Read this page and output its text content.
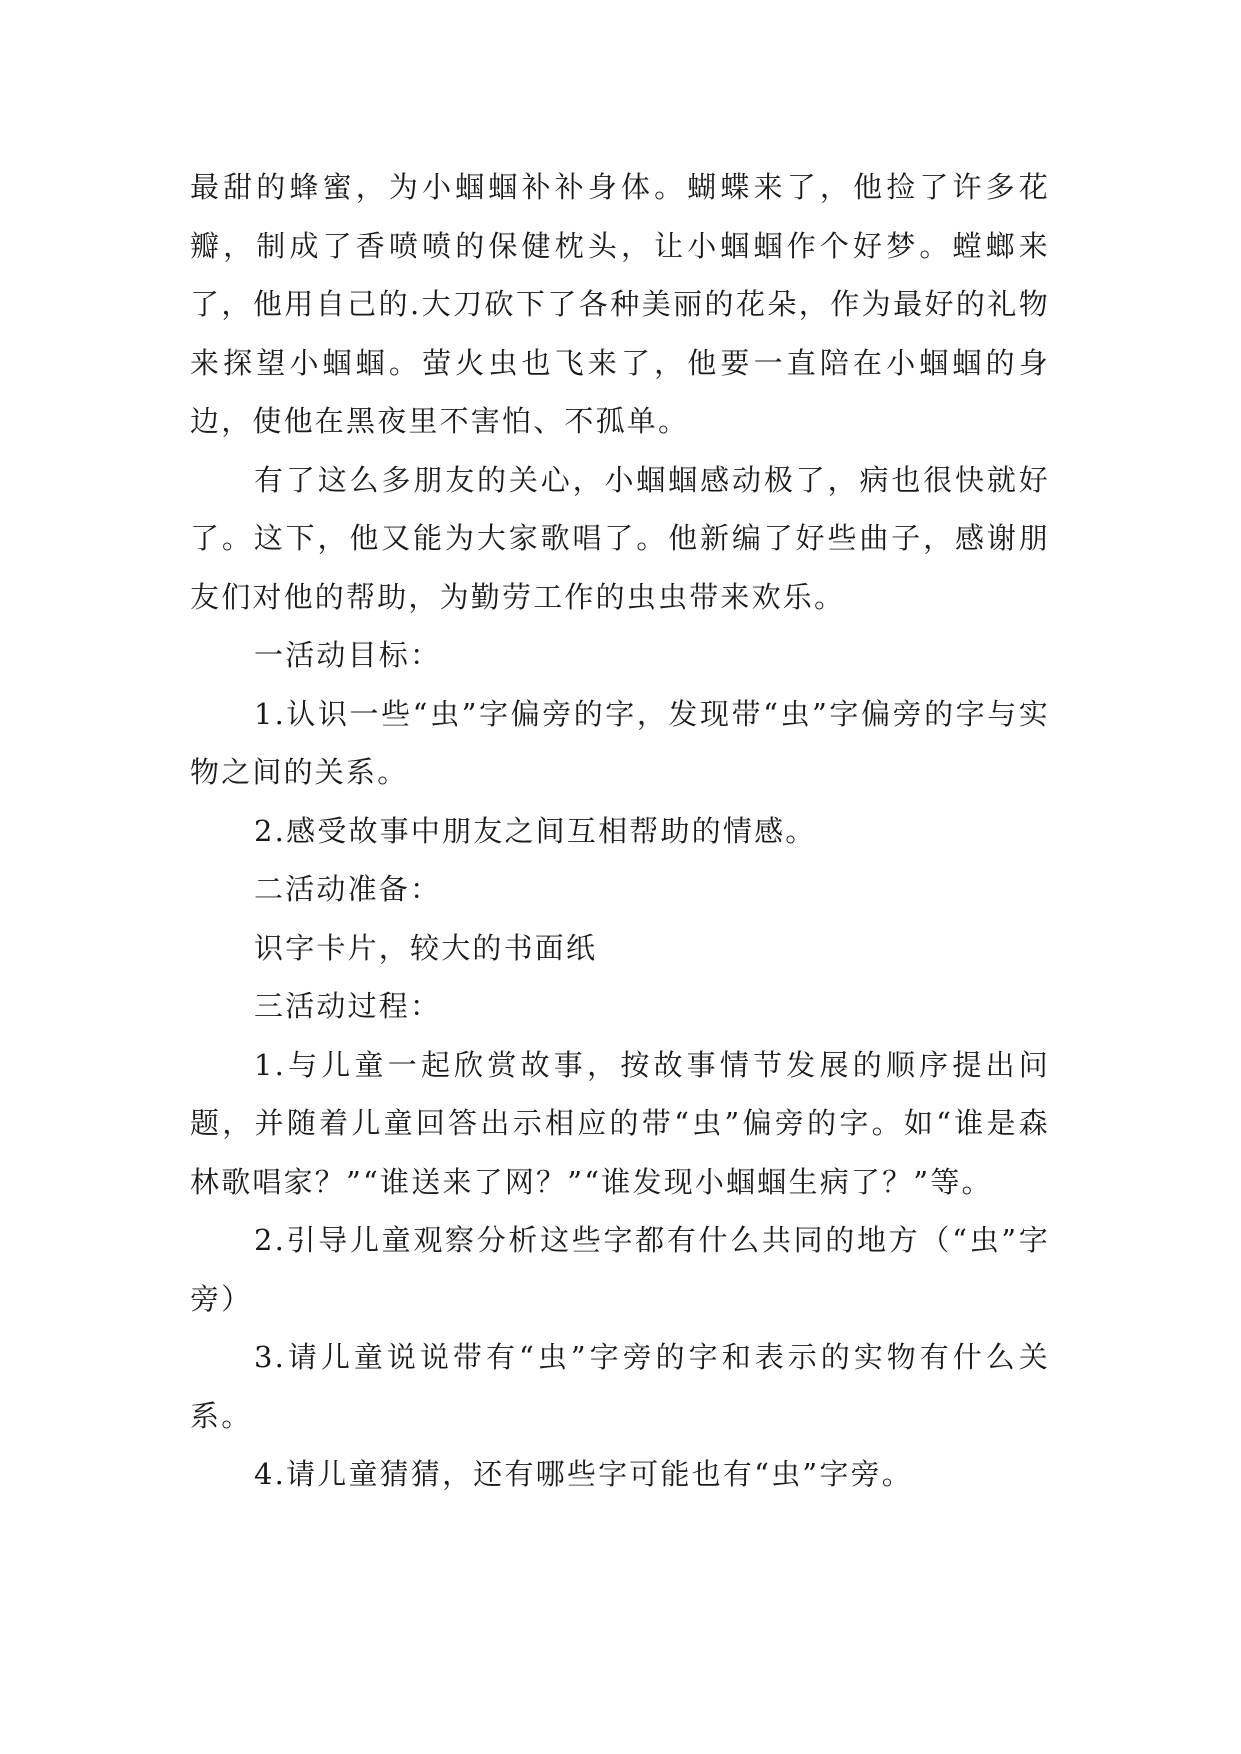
最甜的蜂蜜，为小蝈蝈补补身体。蝴蝶来了，他捡了许多花瓣，制成了香喷喷的保健枕头，让小蝈蝈作个好梦。螳螂来了，他用自己的.大刀砍下了各种美丽的花朵，作为最好的礼物来探望小蝈蝈。萤火虫也飞来了，他要一直陪在小蝈蝈的身边，使他在黑夜里不害怕、不孤单。

有了这么多朋友的关心，小蝈蝈感动极了，病也很快就好了。这下，他又能为大家歌唱了。他新编了好些曲子，感谢朋友们对他的帮助，为勤劳工作的虫虫带来欢乐。

一活动目标：

1.认识一些“虫”字偏旁的字，发现带“虫”字偏旁的字与实物之间的关系。

2.感受故事中朋友之间互相帮助的情感。

二活动准备：

识字卡片，较大的书面纸

三活动过程：

1.与儿童一起欣赏故事，按故事情节发展的顺序提出问题，并随着儿童回答出示相应的带“虫”偏旁的字。如“谁是森林歌唱家？”“谁送来了网？”“谁发现小蝈蝈生病了？”等。

2.引导儿童观察分析这些字都有什么共同的地方（“虫”字旁）

3.请儿童说说带有“虫”字旁的字和表示的实物有什么关系。

4.请儿童猜猜，还有哪些字可能也有“虫”字旁。
